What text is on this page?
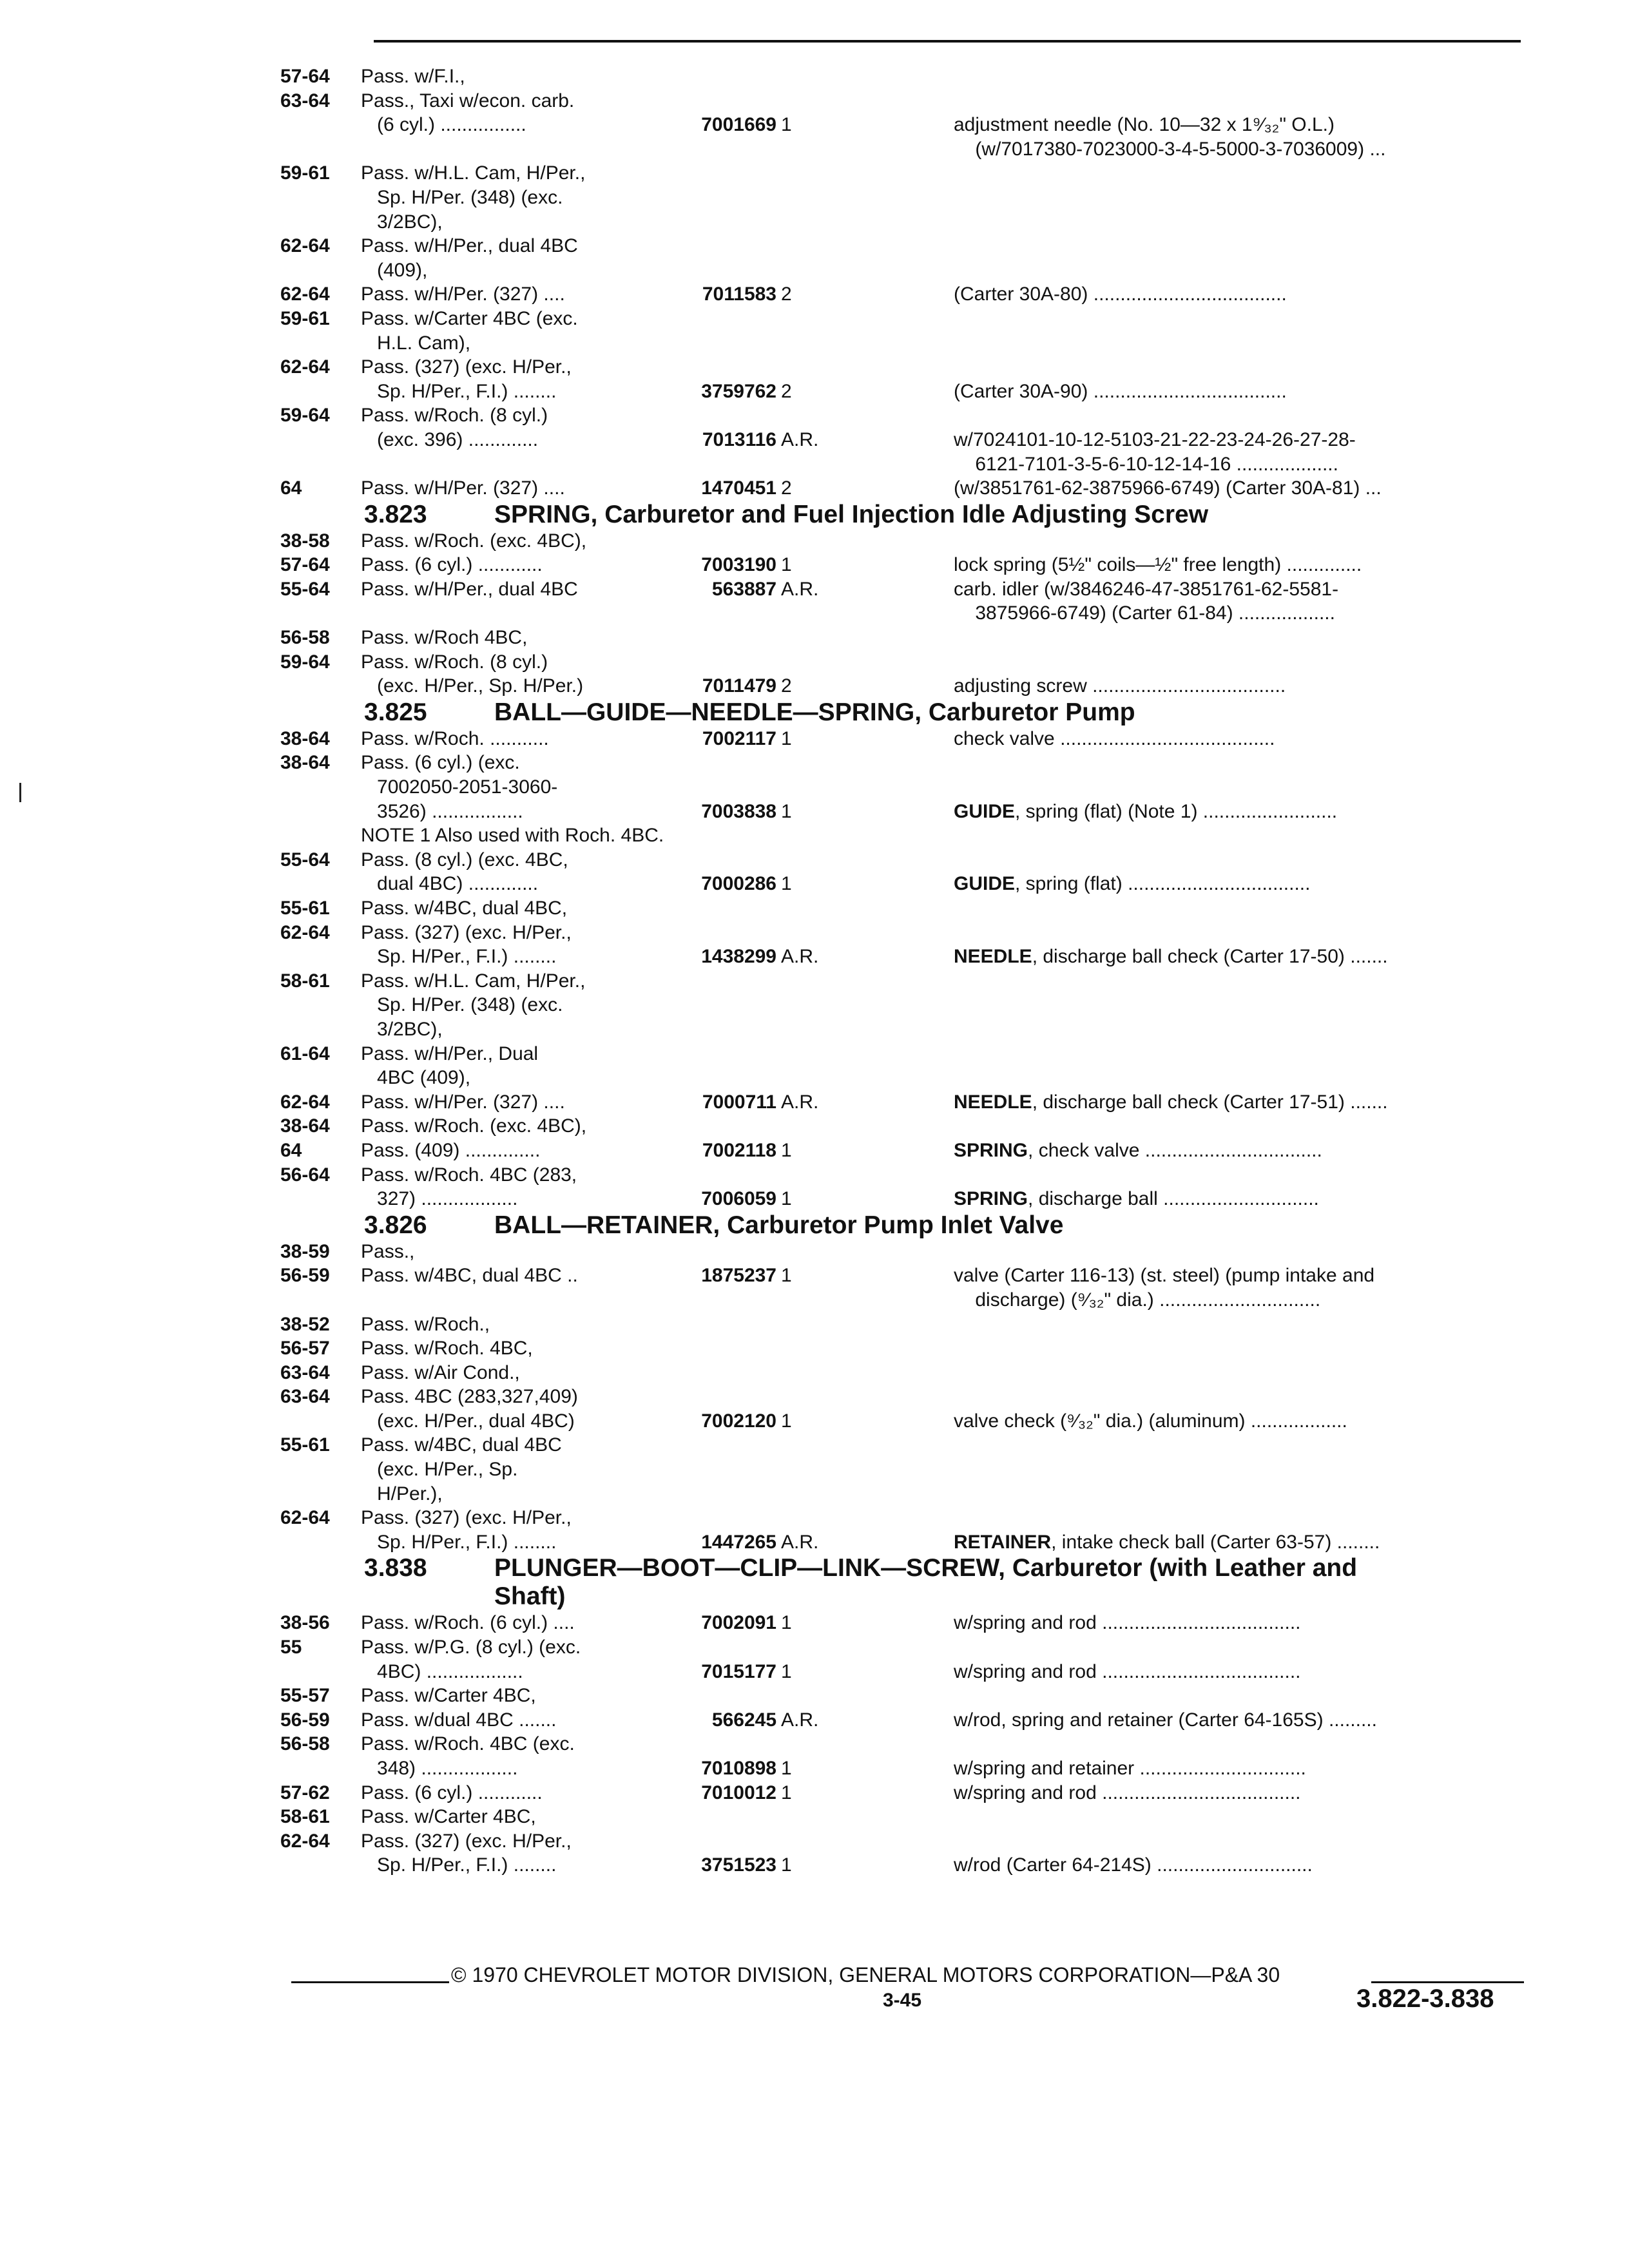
57-64	Pass. w/F.I.,
63-64	Pass., Taxi w/econ. carb.
(6 cyl.) ................	7001669 1	adjustment needle (No. 10—32 x 1⁹⁄₃₂" O.L.)
(w/7017380-7023000-3-4-5-5000-3-7036009) ...
59-61	Pass. w/H.L. Cam, H/Per.,
Sp. H/Per. (348) (exc.
3/2BC),
62-64	Pass. w/H/Per., dual 4BC
(409),
62-64	Pass. w/H/Per. (327) ....	7011583 2	(Carter 30A-80) ....................................
59-61	Pass. w/Carter 4BC (exc.
H.L. Cam),
62-64	Pass. (327) (exc. H/Per.,
Sp. H/Per., F.I.) ........	3759762 2	(Carter 30A-90) ....................................
59-64	Pass. w/Roch. (8 cyl.)
(exc. 396) .............	7013116 A.R.	w/7024101-10-12-5103-21-22-23-24-26-27-28-
6121-7101-3-5-6-10-12-14-16 ...................
64	Pass. w/H/Per. (327) ....	1470451 2	(w/3851761-62-3875966-6749) (Carter 30A-81) ...
3.823	SPRING, Carburetor and Fuel Injection Idle Adjusting Screw
38-58	Pass. w/Roch. (exc. 4BC),
57-64	Pass. (6 cyl.) ............	7003190 1	lock spring (5½" coils—½" free length) ..............
55-64	Pass. w/H/Per., dual 4BC	563887 A.R.	carb. idler (w/3846246-47-3851761-62-5581-
3875966-6749) (Carter 61-84) ..................
56-58	Pass. w/Roch 4BC,
59-64	Pass. w/Roch. (8 cyl.)
(exc. H/Per., Sp. H/Per.)	7011479 2	adjusting screw ....................................
3.825	BALL—GUIDE—NEEDLE—SPRING, Carburetor Pump
38-64	Pass. w/Roch. ...........	7002117 1	check valve ........................................
38-64	Pass. (6 cyl.) (exc.
7002050-2051-3060-
3526) .................	7003838 1	GUIDE, spring (flat) (Note 1) .........................
NOTE 1 Also used with Roch. 4BC.
55-64	Pass. (8 cyl.) (exc. 4BC,
dual 4BC) .............	7000286 1	GUIDE, spring (flat) ..................................
55-61	Pass. w/4BC, dual 4BC,
62-64	Pass. (327) (exc. H/Per.,
Sp. H/Per., F.I.) ........	1438299 A.R.	NEEDLE, discharge ball check (Carter 17-50) .......
58-61	Pass. w/H.L. Cam, H/Per.,
Sp. H/Per. (348) (exc.
3/2BC),
61-64	Pass. w/H/Per., Dual
4BC (409),
62-64	Pass. w/H/Per. (327) ....	7000711 A.R.	NEEDLE, discharge ball check (Carter 17-51) .......
38-64	Pass. w/Roch. (exc. 4BC),
64	Pass. (409) ..............	7002118 1	SPRING, check valve .................................
56-64	Pass. w/Roch. 4BC (283,
327) ..................	7006059 1	SPRING, discharge ball .............................
3.826	BALL—RETAINER, Carburetor Pump Inlet Valve
38-59	Pass.,
56-59	Pass. w/4BC, dual 4BC ..	1875237 1	valve (Carter 116-13) (st. steel) (pump intake and
discharge) (⁹⁄₃₂" dia.) ..............................
38-52	Pass. w/Roch.,
56-57	Pass. w/Roch. 4BC,
63-64	Pass. w/Air Cond.,
63-64	Pass. 4BC (283,327,409)
(exc. H/Per., dual 4BC)	7002120 1	valve check (⁹⁄₃₂" dia.) (aluminum) ..................
55-61	Pass. w/4BC, dual 4BC
(exc. H/Per., Sp.
H/Per.),
62-64	Pass. (327) (exc. H/Per.,
Sp. H/Per., F.I.) ........	1447265 A.R.	RETAINER, intake check ball (Carter 63-57) ........
3.838	PLUNGER—BOOT—CLIP—LINK—SCREW, Carburetor (with Leather and
Shaft)
38-56	Pass. w/Roch. (6 cyl.) ....	7002091 1	w/spring and rod .....................................
55	Pass. w/P.G. (8 cyl.) (exc.
4BC) ..................	7015177 1	w/spring and rod .....................................
55-57	Pass. w/Carter 4BC,
56-59	Pass. w/dual 4BC .......	566245 A.R.	w/rod, spring and retainer (Carter 64-165S) .........
56-58	Pass. w/Roch. 4BC (exc.
348) ..................	7010898 1	w/spring and retainer ...............................
57-62	Pass. (6 cyl.) ............	7010012 1	w/spring and rod .....................................
58-61	Pass. w/Carter 4BC,
62-64	Pass. (327) (exc. H/Per.,
Sp. H/Per., F.I.) ........	3751523 1	w/rod (Carter 64-214S) .............................
© 1970 CHEVROLET MOTOR DIVISION, GENERAL MOTORS CORPORATION—P&A 30
3-45	3.822-3.838
